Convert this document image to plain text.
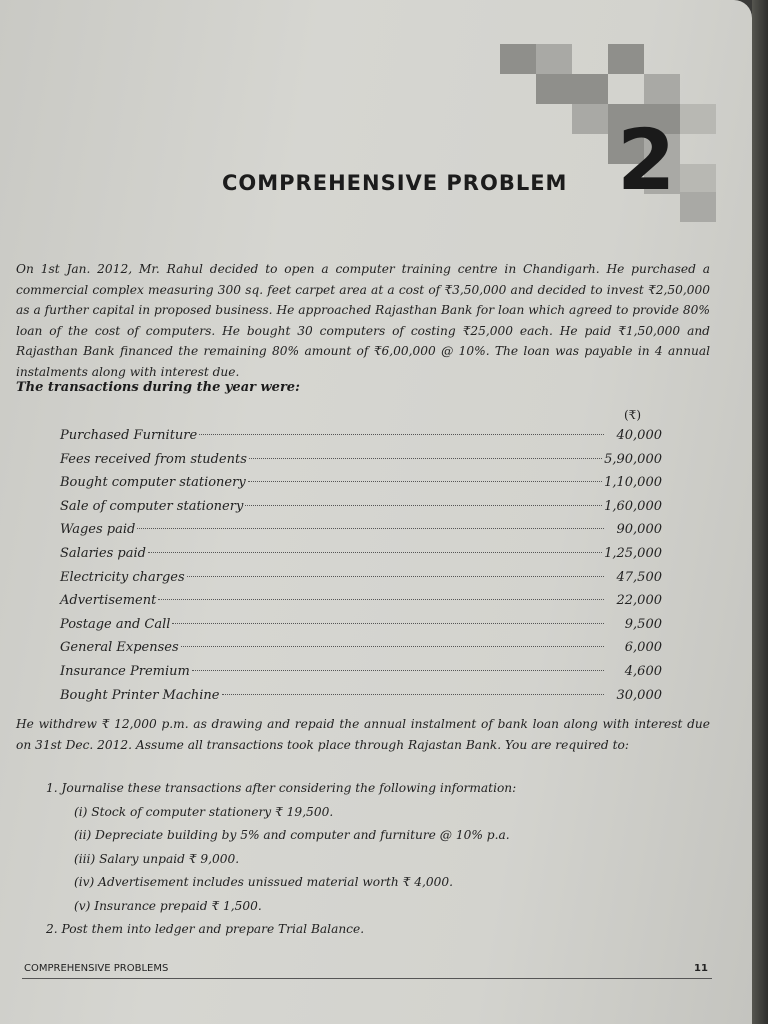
2
COMPREHENSIVE PROBLEM
On 1st Jan. 2012, Mr. Rahul decided to open a computer training centre in Chandigarh. He purchased a commercial complex measuring 300 sq. feet carpet area at a cost of ₹3,50,000 and decided to invest ₹2,50,000 as a further capital in proposed business. He approached Rajasthan Bank for loan which agreed to provide 80% loan of the cost of computers. He bought 30 computers of costing ₹25,000 each. He paid ₹1,50,000 and Rajasthan Bank financed the remaining 80% amount of ₹6,00,000 @ 10%. The loan was payable in 4 annual instalments along with interest due.
The transactions during the year were:
(₹)
Purchased Furniture	40,000
Fees received from students	5,90,000
Bought computer stationery	1,10,000
Sale of computer stationery	1,60,000
Wages paid	90,000
Salaries paid	1,25,000
Electricity charges	47,500
Advertisement	22,000
Postage and Call	9,500
General Expenses	6,000
Insurance Premium	4,600
Bought Printer Machine	30,000
He withdrew ₹ 12,000 p.m. as drawing and repaid the annual instalment of bank loan along with interest due on 31st Dec. 2012. Assume all transactions took place through Rajastan Bank. You are required to:
1. Journalise these transactions after considering the following information:
(i) Stock of computer stationery ₹ 19,500.
(ii) Depreciate building by 5% and computer and furniture @ 10% p.a.
(iii) Salary unpaid ₹ 9,000.
(iv) Advertisement includes unissued material worth ₹ 4,000.
(v) Insurance prepaid ₹ 1,500.
2. Post them into ledger and prepare Trial Balance.
COMPREHENSIVE PROBLEMS	11
